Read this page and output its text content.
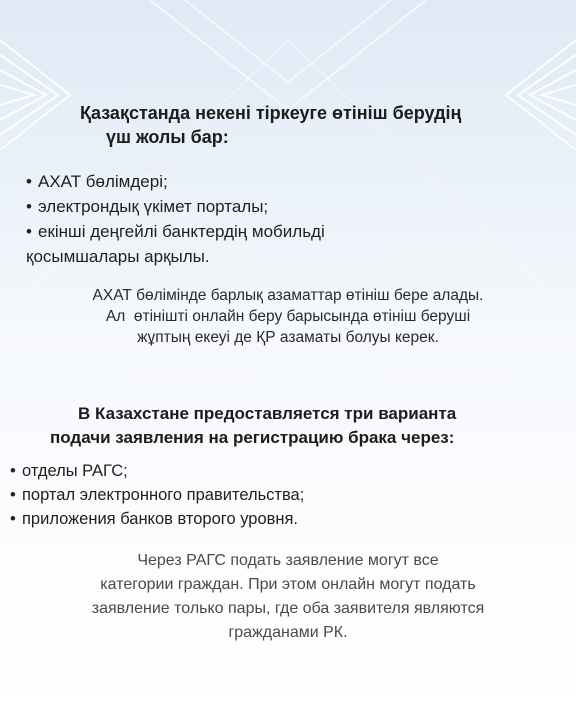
Қазақстанда некені тіркеуге өтініш берудің
үш жолы бар:
• АХАТ бөлімдері;
• электрондық үкімет порталы;
• екінші деңгейлі банктердің мобильді
қосымшалары арқылы.
АХАТ бөлімінде барлық азаматтар өтініш бере алады.
Ал  өтінішті онлайн беру барысында өтініш беруші
жұптың екеуі де ҚР азаматы болуы керек.
В Казахстане предоставляется три варианта
подачи заявления на регистрацию брака через:
• отделы РАГС;
• портал электронного правительства;
• приложения банков второго уровня.
Через РАГС подать заявление могут все
категории граждан. При этом онлайн могут подать
заявление только пары, где оба заявителя являются
гражданами РК.
